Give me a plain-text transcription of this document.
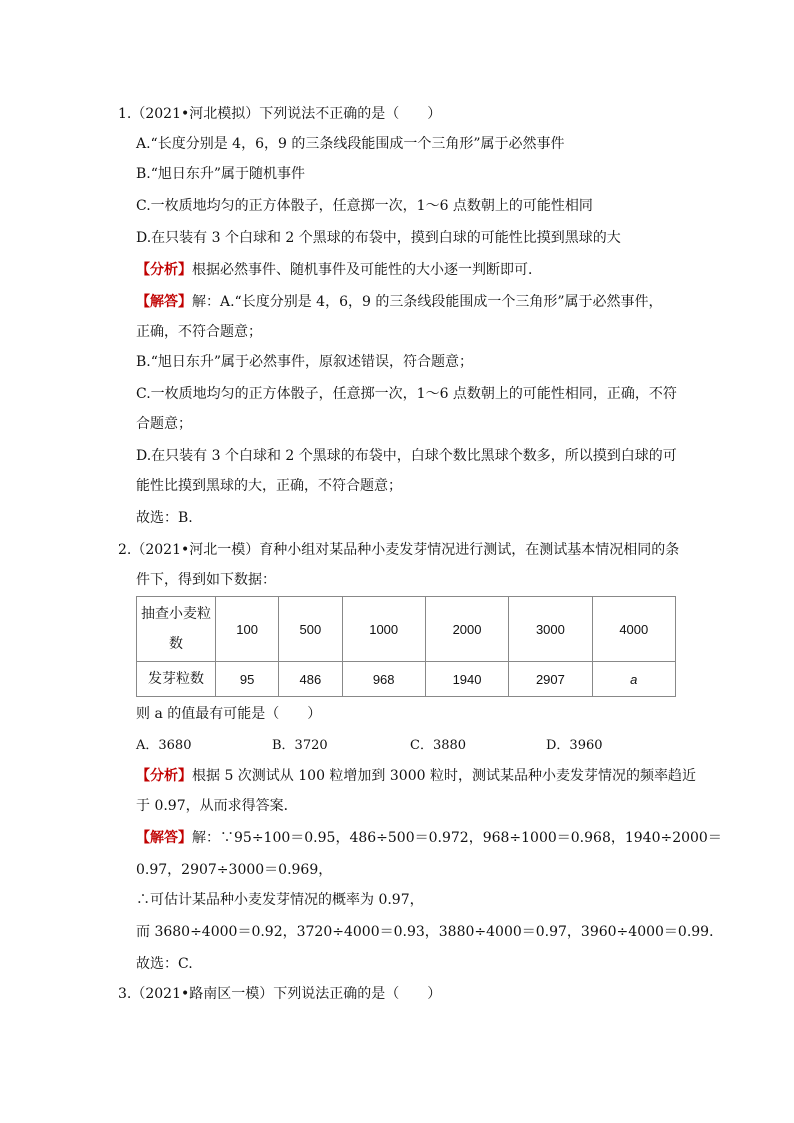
1.（2021•河北模拟）下列说法不正确的是（　　）
A.“长度分别是 4，6，9 的三条线段能围成一个三角形”属于必然事件
B.“旭日东升”属于随机事件
C.一枚质地均匀的正方体骰子，任意掷一次，1～6 点数朝上的可能性相同
D.在只装有 3 个白球和 2 个黑球的布袋中，摸到白球的可能性比摸到黑球的大
【分析】根据必然事件、随机事件及可能性的大小逐一判断即可．
【解答】解：A.“长度分别是 4，6，9 的三条线段能围成一个三角形”属于必然事件，
正确，不符合题意；
B.“旭日东升”属于必然事件，原叙述错误，符合题意；
C.一枚质地均匀的正方体骰子，任意掷一次，1～6 点数朝上的可能性相同，正确，不符
合题意；
D.在只装有 3 个白球和 2 个黑球的布袋中，白球个数比黑球个数多，所以摸到白球的可
能性比摸到黑球的大，正确，不符合题意；
故选：B.
2.（2021•河北一模）育种小组对某品种小麦发芽情况进行测试，在测试基本情况相同的条
件下，得到如下数据：
抽查小麦粒
数	100	500	1000	2000	3000	4000
发芽粒数	95	486	968	1940	2907	a
则 a 的值最有可能是（　　）
A．3680	B．3720	C．3880	D．3960
【分析】根据 5 次测试从 100 粒增加到 3000 粒时，测试某品种小麦发芽情况的频率趋近
于 0.97，从而求得答案．
【解答】解：∵95÷100＝0.95，486÷500＝0.972，968÷1000＝0.968，1940÷2000＝
0.97，2907÷3000＝0.969，
∴可估计某品种小麦发芽情况的概率为 0.97，
而 3680÷4000＝0.92，3720÷4000＝0.93，3880÷4000＝0.97，3960÷4000＝0.99．
故选：C.
3.（2021•路南区一模）下列说法正确的是（　　）
